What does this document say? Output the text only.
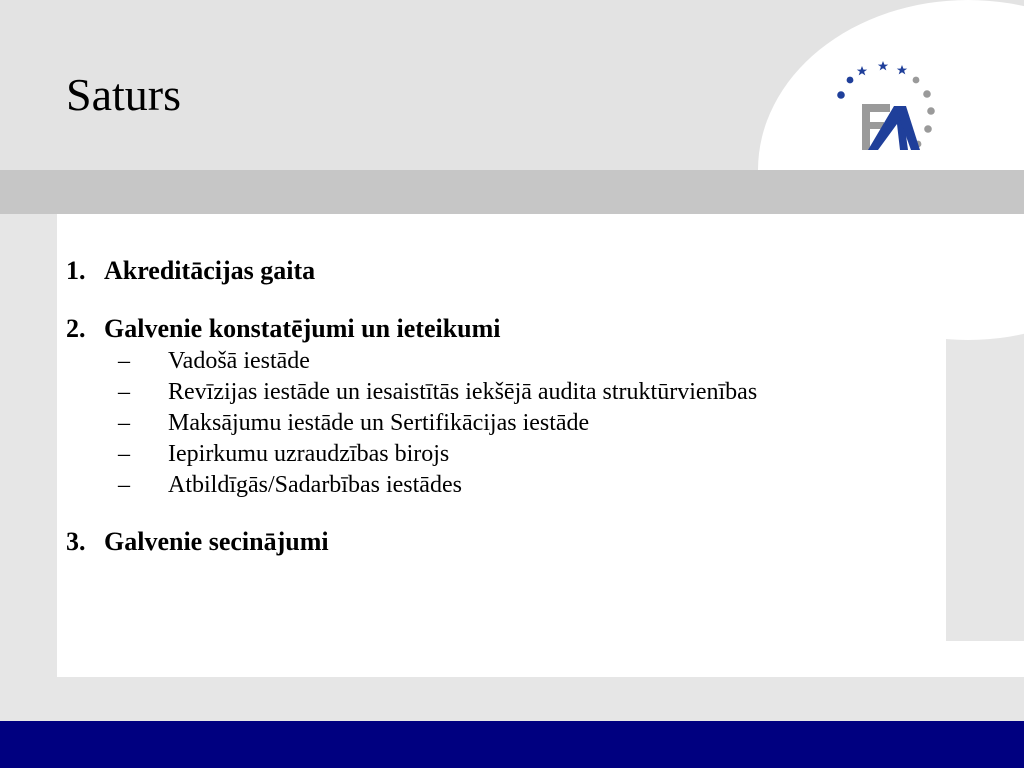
Saturs
1. Akreditācijas gaita
2. Galvenie konstatējumi un ieteikumi
– Vadošā iestāde
– Revīzijas iestāde un iesaistītās iekšējā audita struktūrvienības
– Maksājumu iestāde un Sertifikācijas iestāde
– Iepirkumu uzraudzības birojs
– Atbildīgās/Sadarbības iestādes
3. Galvenie secinājumi
